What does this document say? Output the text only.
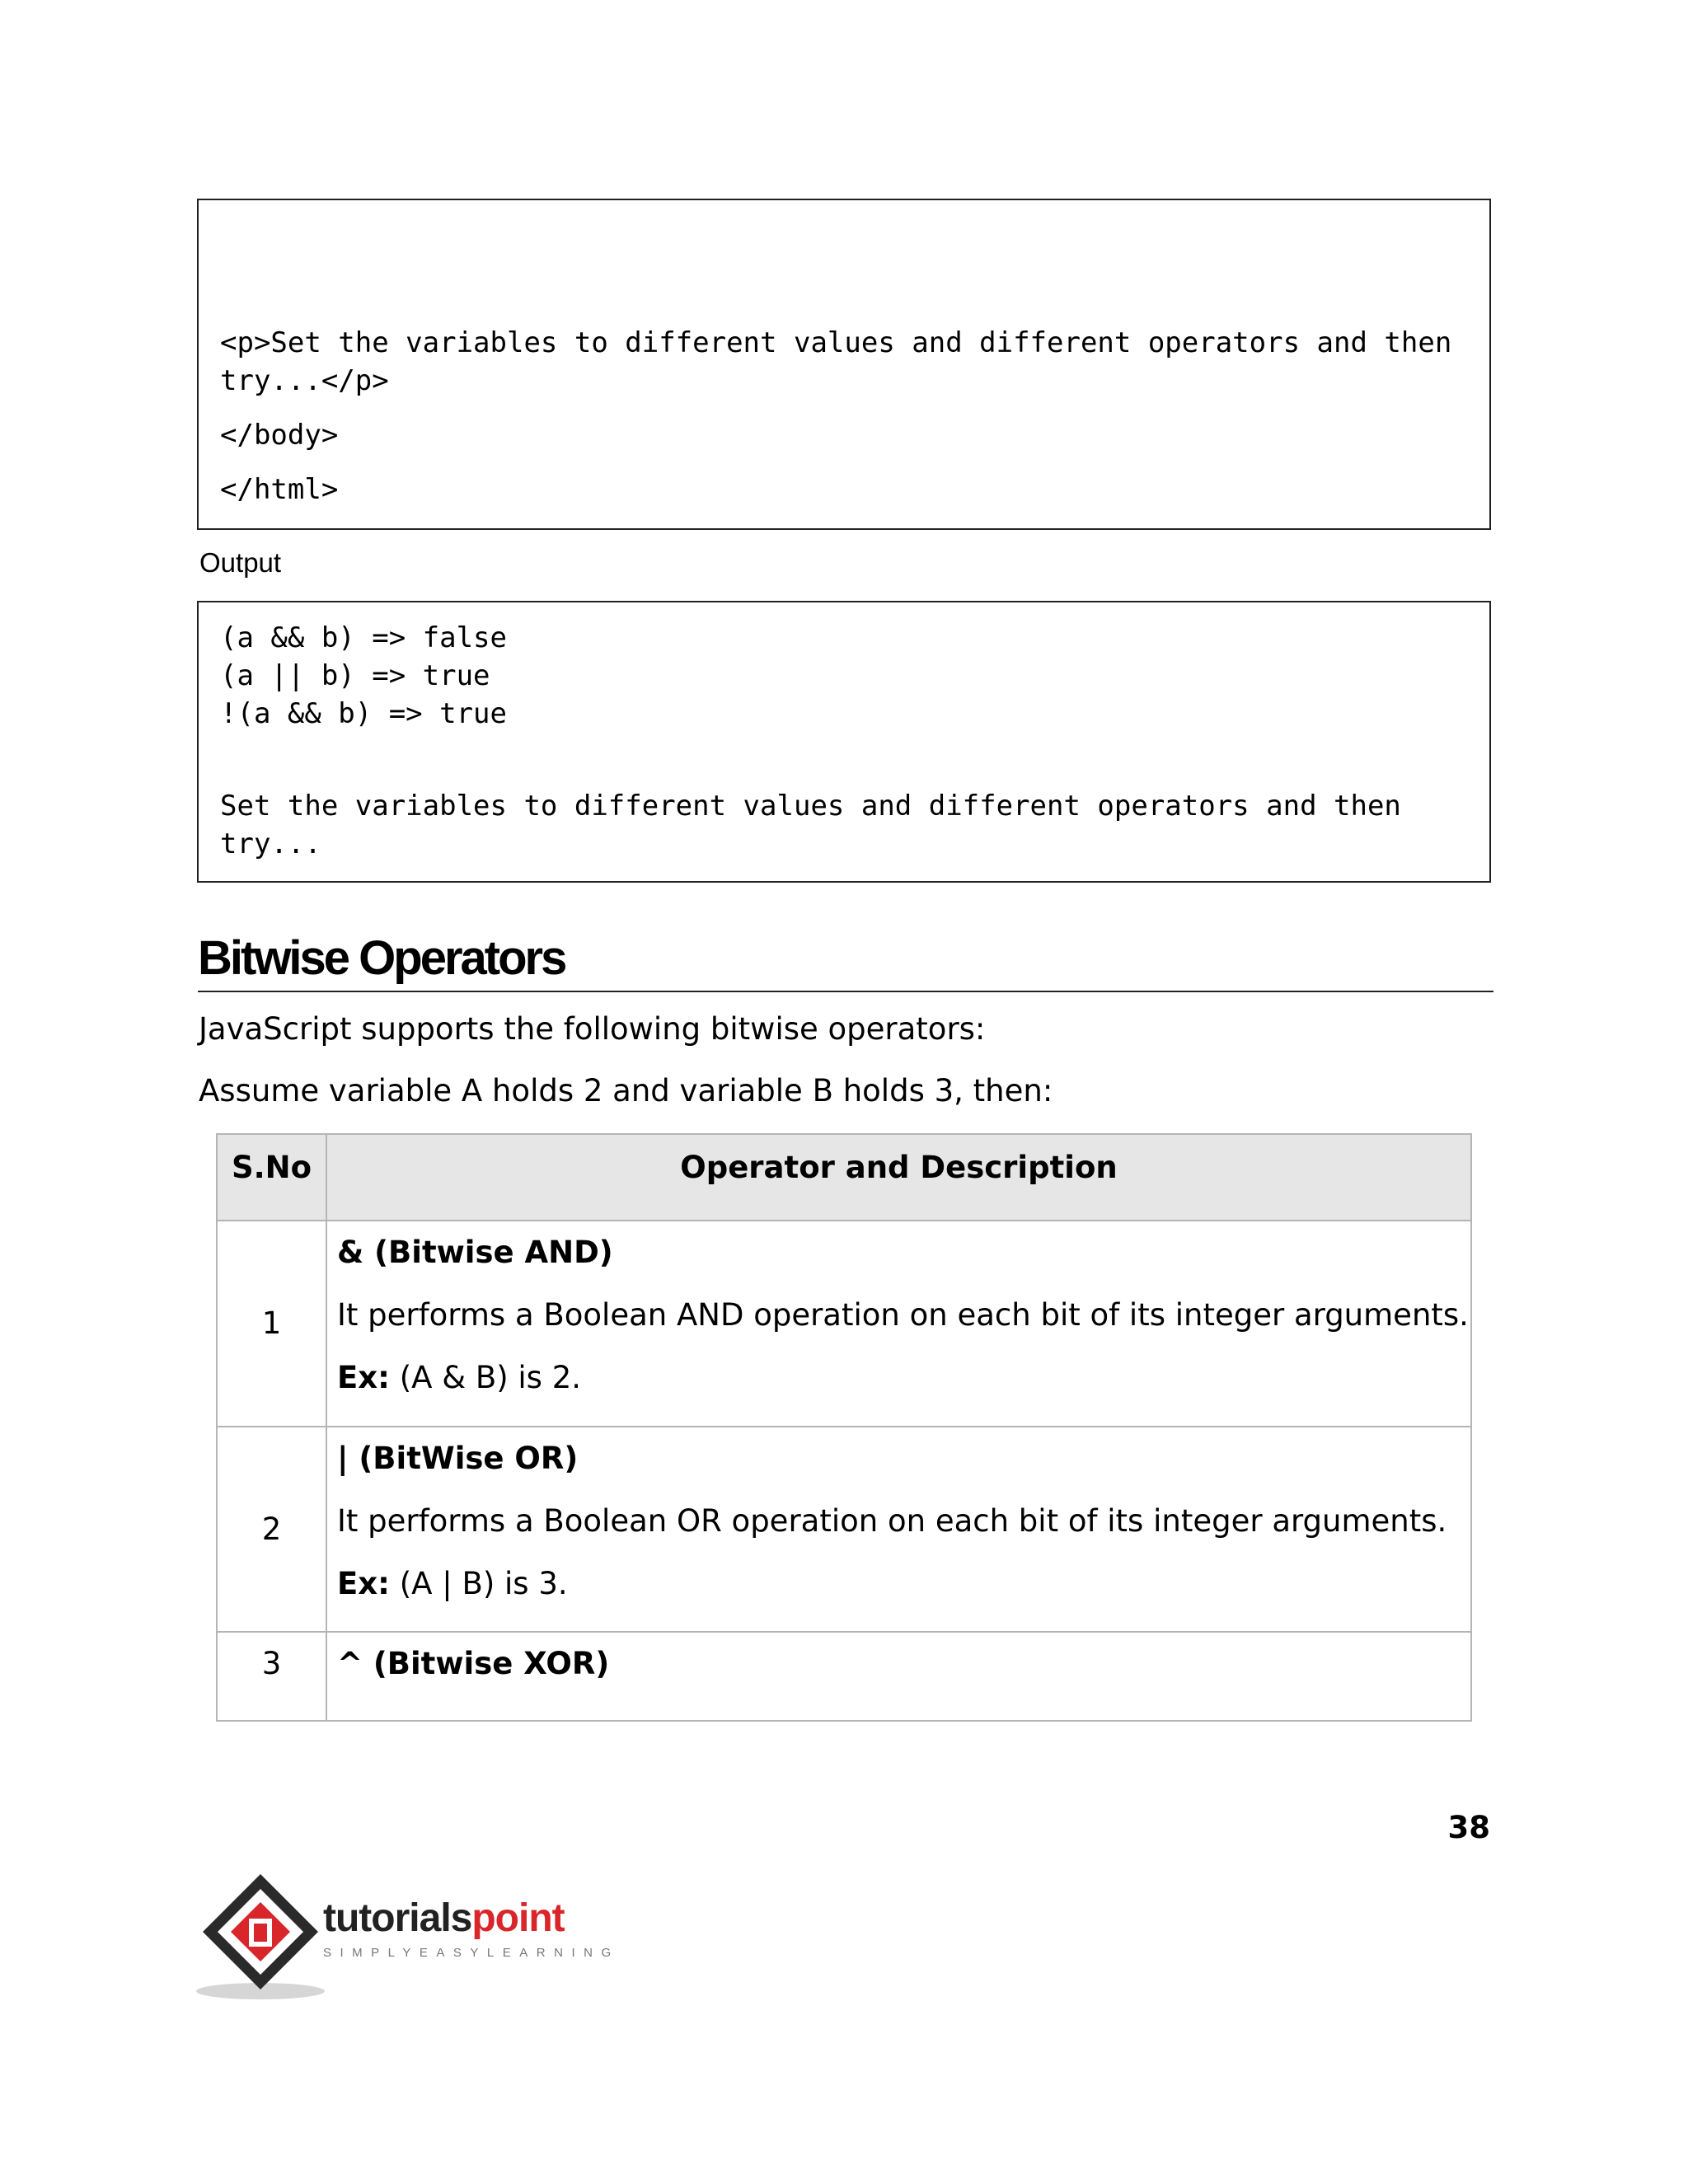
<p>Set the variables to different values and different operators and then

try...</p>

</body>

</html>

Output

(a && b) => false

(a || b) => true

!(a && b) => true

Set the variables to different values and different operators and then

try...

Bitwise Operators
JavaScript supports the following bitwise operators:
Assume variable A holds 2 and variable B holds 3, then:
S.No	Operator and Description
1	& (Bitwise AND)
It performs a Boolean AND operation on each bit of its integer arguments.
Ex: (A & B) is 2.

2	| (BitWise OR)
It performs a Boolean OR operation on each bit of its integer arguments.
Ex: (A | B) is 3.

3	^ (Bitwise XOR)
38
tutorialspoint
SIMPLYEASYLEARNING
